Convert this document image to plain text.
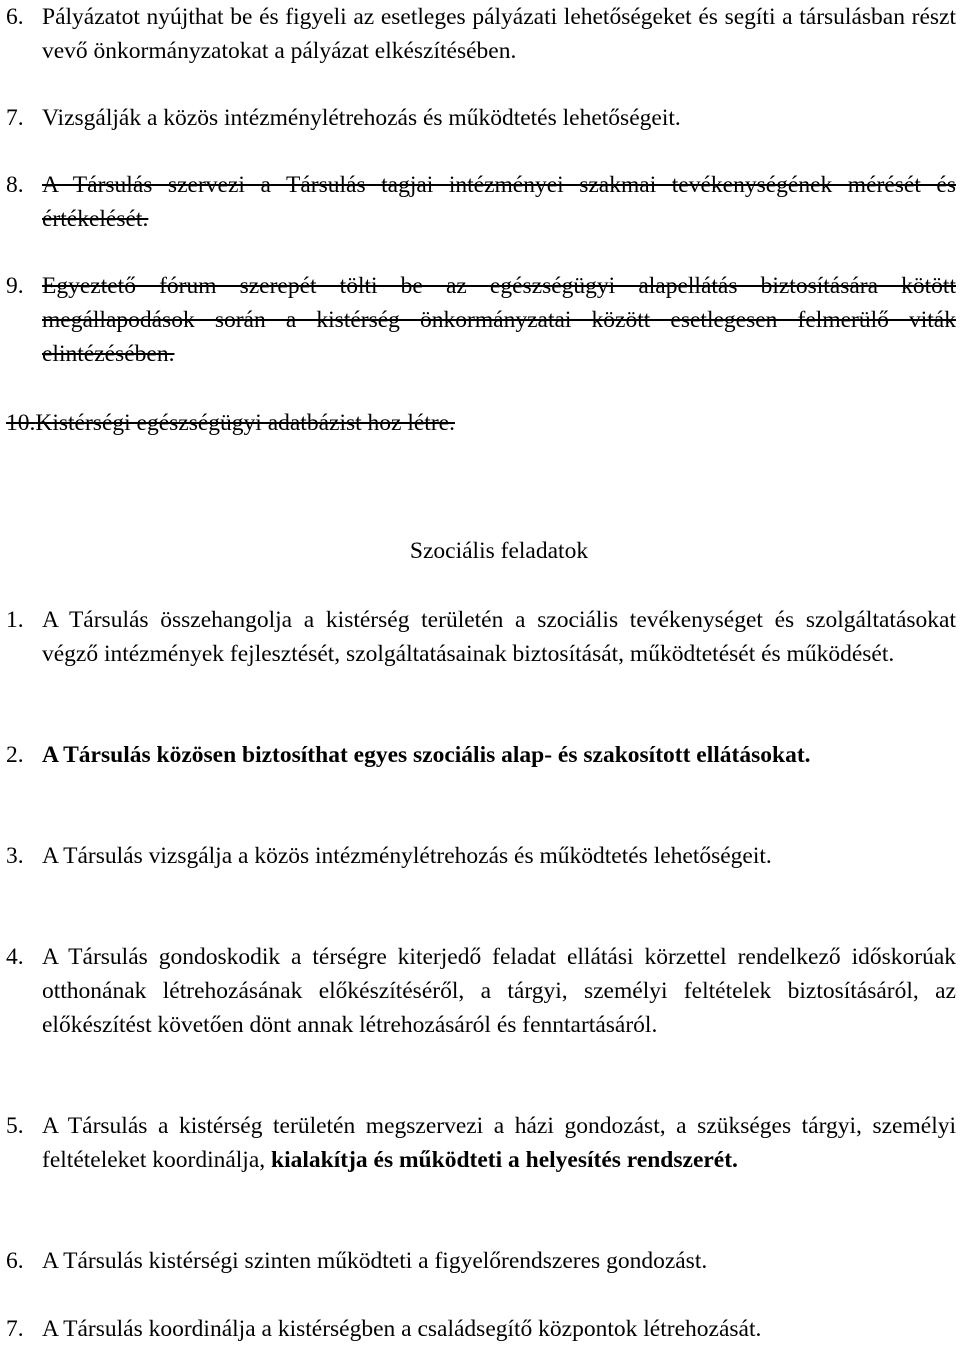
6. Pályázatot nyújthat be és figyeli az esetleges pályázati lehetőségeket és segíti a társulásban részt vevő önkormányzatokat a pályázat elkészítésében.
7. Vizsgálják a közös intézménylétrehozás és működtetés lehetőségeit.
8. A Társulás szervezi a Társulás tagjai intézményei szakmai tevékenységének mérését és értékelését.
9. Egyeztető fórum szerepét tölti be az egészségügyi alapellátás biztosítására kötött megállapodások során a kistérség önkormányzatai között esetlegesen felmerülő viták elintézésében.
10.Kistérségi egészségügyi adatbázist hoz létre.
Szociális feladatok
1. A Társulás összehangolja a kistérség területén a szociális tevékenységet és szolgáltatásokat végző intézmények fejlesztését, szolgáltatásainak biztosítását, működtetését és működését.
2. A Társulás közösen biztosíthat egyes szociális alap- és szakosított ellátásokat.
3. A Társulás vizsgálja a közös intézménylétrehozás és működtetés lehetőségeit.
4. A Társulás gondoskodik a térségre kiterjedő feladat ellátási körzettel rendelkező időskorúak otthonának létrehozásának előkészítéséről, a tárgyi, személyi feltételek biztosításáról, az előkészítést követően dönt annak létrehozásáról és fenntartásáról.
5. A Társulás a kistérség területén megszervezi a házi gondozást, a szükséges tárgyi, személyi feltételeket koordinálja, kialakítja és működteti a helyesítés rendszerét.
6. A Társulás kistérségi szinten működteti a figyelőrendszeres gondozást.
7. A Társulás koordinálja a kistérségben a családsegítő központok létrehozását.
